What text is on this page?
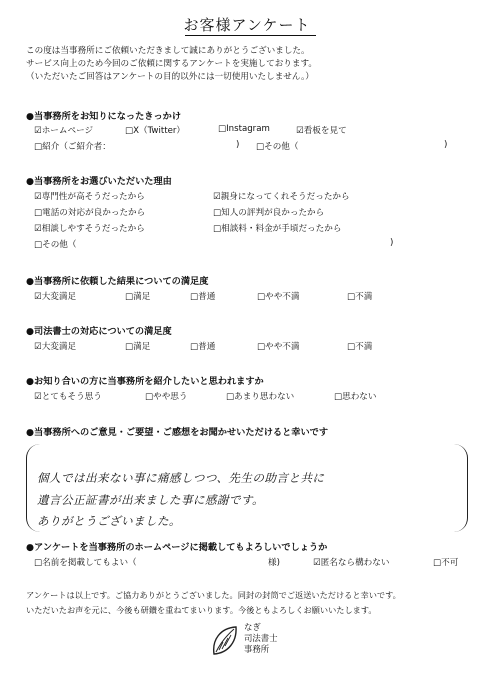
お客様アンケート
この度は当事務所にご依頼いただきまして誠にありがとうございました。
サービス向上のため今回のご依頼に関するアンケートを実施しております。
（いただいたご回答はアンケートの目的以外には一切使用いたしません。）
● 当事務所をお知りになったきっかけ
☑ホームページ	□X（Twitter）	□Instagram	☑看板を見て
□紹介（ご紹介者：	) □その他（	)
● 当事務所をお選びいただいた理由
☑専門性が高そうだったから	☑親身になってくれそうだったから
□電話の対応が良かったから	□知人の評判が良かったから
☑相談しやすそうだったから	□相談料・料金が手頃だったから
□その他（	)
● 当事務所に依頼した結果についての満足度
☑大変満足	□満足	□普通	□やや不満	□不満
● 司法書士の対応についての満足度
☑大変満足	□満足	□普通	□やや不満	□不満
● お知り合いの方に当事務所を紹介したいと思われますか
☑とてもそう思う	□やや思う	□あまり思わない	□思わない
● 当事務所へのご意見・ご要望・ご感想をお聞かせいただけると幸いです
個人では出来ない事に痛感しつつ、先生の助言と共に
遺言公正証書が出来ました事に感謝です。
ありがとうございました。
● アンケートを当事務所のホームページに掲載してもよろしいでしょうか
□名前を掲載してもよい（	様)	☑匿名なら構わない	□不可
アンケートは以上です。ご協力ありがとうございました。同封の封筒でご返送いただけると幸いです。
いただいたお声を元に、今後も研鑽を重ねてまいります。今後ともよろしくお願いいたします。
なぎ
司法書士
事務所
